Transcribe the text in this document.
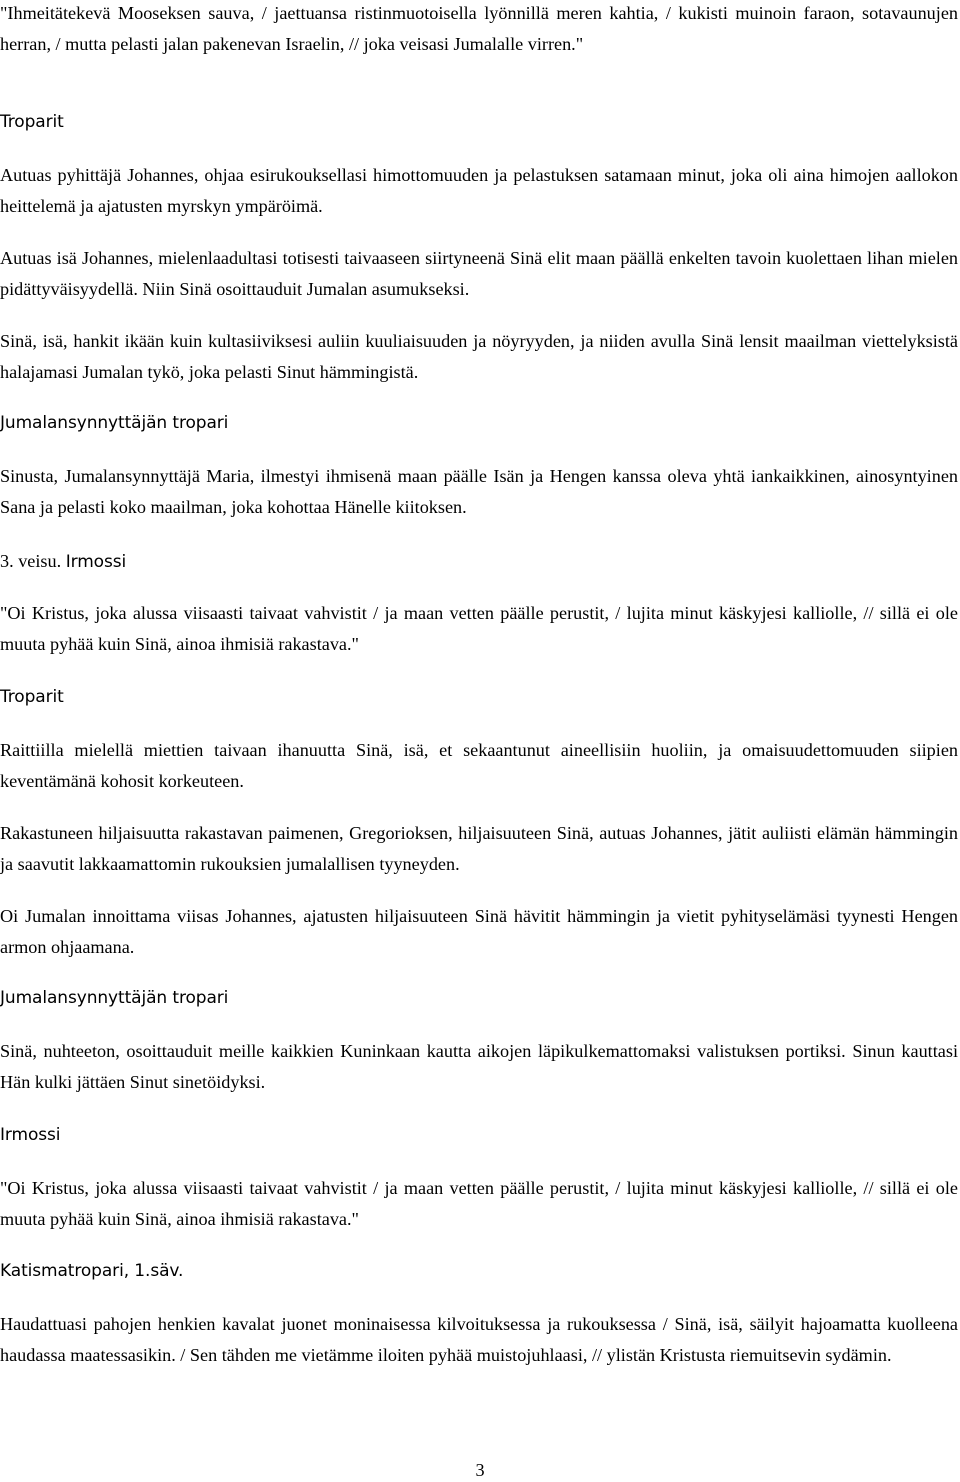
"Ihmeitätekevä Mooseksen sauva, / jaettuansa ristinmuotoisella lyönnillä meren kahtia, / kukisti muinoin faraon, sotavaunujen herran, / mutta pelasti jalan pakenevan Israelin, // joka veisasi Jumalalle virren."

Troparit

Autuas pyhittäjä Johannes, ohjaa esirukouksellasi himottomuuden ja pelastuksen satamaan minut, joka oli aina himojen aallokon heittelemä ja ajatusten myrskyn ympäröimä.

Autuas isä Johannes, mielenlaadultasi totisesti taivaaseen siirtyneenä Sinä elit maan päällä enkelten tavoin kuolettaen lihan mielen pidättyväisyydellä. Niin Sinä osoittauduit Jumalan asumukseksi.

Sinä, isä, hankit ikään kuin kultasiiviksesi auliin kuuliaisuuden ja nöyryyden, ja niiden avulla Sinä lensit maailman viettelyksistä halajamasi Jumalan tykö, joka pelasti Sinut hämmingistä.

Jumalansynnyttäjän tropari

Sinusta, Jumalansynnyttäjä Maria, ilmestyi ihmisenä maan päälle Isän ja Hengen kanssa oleva yhtä iankaikkinen, ainosyntyinen Sana ja pelasti koko maailman, joka kohottaa Hänelle kiitoksen.

3. veisu. Irmossi

"Oi Kristus, joka alussa viisaasti taivaat vahvistit / ja maan vetten päälle perustit, / lujita minut käskyjesi kalliolle, // sillä ei ole muuta pyhää kuin Sinä, ainoa ihmisiä rakastava."

Troparit

Raittiilla mielellä miettien taivaan ihanuutta Sinä, isä, et sekaantunut aineellisiin huoliin, ja omaisuudettomuuden siipien keventämänä kohosit korkeuteen.

Rakastuneen hiljaisuutta rakastavan paimenen, Gregorioksen, hiljaisuuteen Sinä, autuas Johannes, jätit auliisti elämän hämmingin ja saavutit lakkaamattomin rukouksien jumalallisen tyyneyden.

Oi Jumalan innoittama viisas Johannes, ajatusten hiljaisuuteen Sinä hävitit hämmingin ja vietit pyhityselämäsi tyynesti Hengen armon ohjaamana.

Jumalansynnyttäjän tropari

Sinä, nuhteeton, osoittauduit meille kaikkien Kuninkaan kautta aikojen läpikulkemattomaksi valistuksen portiksi. Sinun kauttasi Hän kulki jättäen Sinut sinetöidyksi.

Irmossi

"Oi Kristus, joka alussa viisaasti taivaat vahvistit / ja maan vetten päälle perustit, / lujita minut käskyjesi kalliolle, // sillä ei ole muuta pyhää kuin Sinä, ainoa ihmisiä rakastava."

Katismatropari, 1.säv.

Haudattuasi pahojen henkien kavalat juonet moninaisessa kilvoituksessa ja rukouksessa / Sinä, isä, säilyit hajoamatta kuolleena haudassa maatessasikin. / Sen tähden me vietämme iloiten pyhää muistojuhlaasi, // ylistän Kristusta riemuitsevin sydämin.

3
